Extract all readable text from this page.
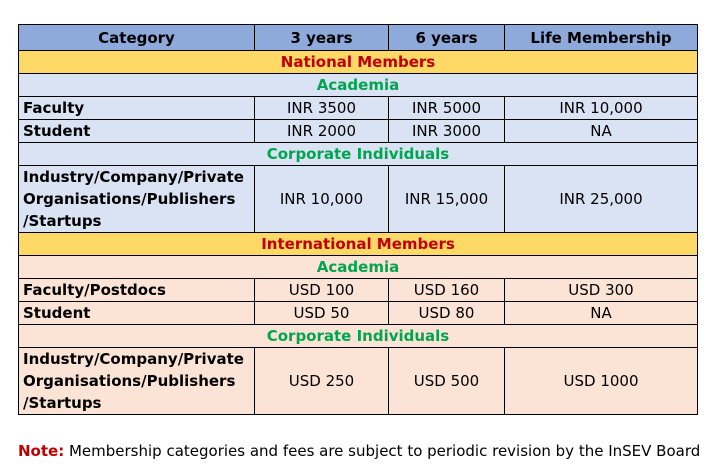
Category	3 years	6 years	Life Membership
National Members			
Academia			
Faculty	INR 3500	INR 5000	INR 10,000
Student	INR 2000	INR 3000	NA
Corporate Individuals			

Industry/Company/Private
Organisations/Publishers
/Startups	INR 10,000	INR 15,000	INR 25,000
International Members			
Academia			
Faculty/Postdocs	USD 100	USD 160	USD 300
Student	USD 50	USD 80	NA
Corporate Individuals			

Industry/Company/Private
Organisations/Publishers
/Startups	USD 250	USD 500	USD 1000
Note: Membership categories and fees are subject to periodic revision by the InSEV Board
